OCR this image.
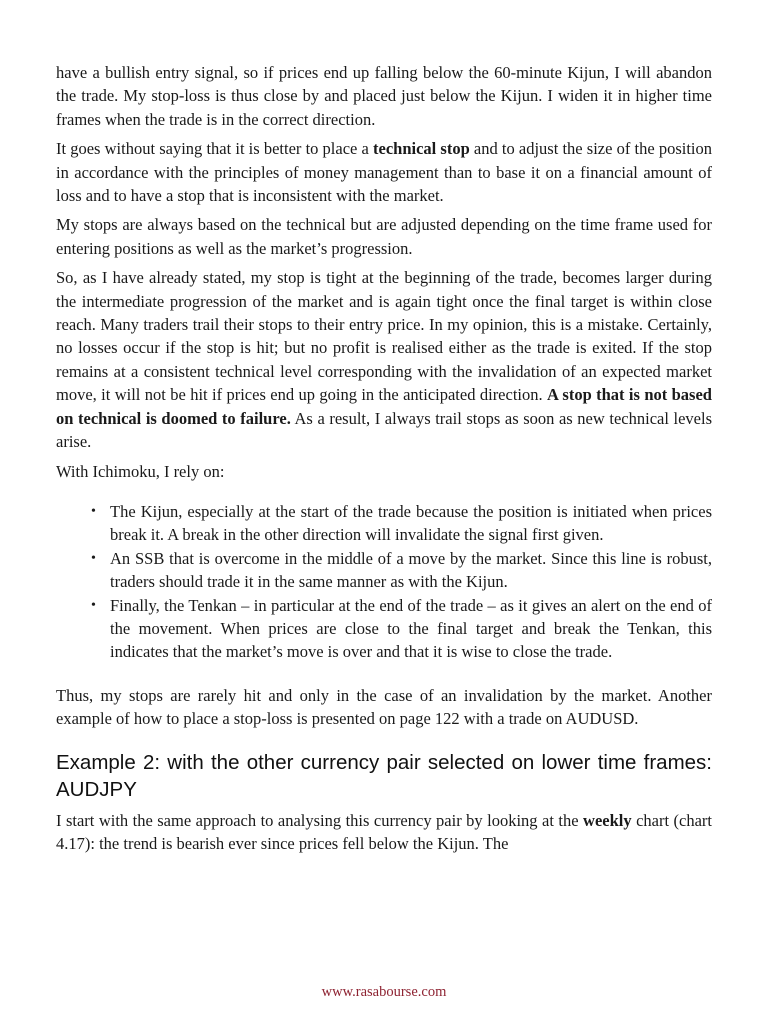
have a bullish entry signal, so if prices end up falling below the 60-minute Kijun, I will abandon the trade. My stop-loss is thus close by and placed just below the Kijun. I widen it in higher time frames when the trade is in the correct direction.

It goes without saying that it is better to place a technical stop and to adjust the size of the position in accordance with the principles of money management than to base it on a financial amount of loss and to have a stop that is inconsistent with the market.

My stops are always based on the technical but are adjusted depending on the time frame used for entering positions as well as the market’s progression.

So, as I have already stated, my stop is tight at the beginning of the trade, becomes larger during the intermediate progression of the market and is again tight once the final target is within close reach. Many traders trail their stops to their entry price. In my opinion, this is a mistake. Certainly, no losses occur if the stop is hit; but no profit is realised either as the trade is exited. If the stop remains at a consistent technical level corresponding with the invalidation of an expected market move, it will not be hit if prices end up going in the anticipated direction. A stop that is not based on technical is doomed to failure. As a result, I always trail stops as soon as new technical levels arise.

With Ichimoku, I rely on:

• The Kijun, especially at the start of the trade because the position is initiated when prices break it. A break in the other direction will invalidate the signal first given.
• An SSB that is overcome in the middle of a move by the market. Since this line is robust, traders should trade it in the same manner as with the Kijun.
• Finally, the Tenkan – in particular at the end of the trade – as it gives an alert on the end of the movement. When prices are close to the final target and break the Tenkan, this indicates that the market’s move is over and that it is wise to close the trade.

Thus, my stops are rarely hit and only in the case of an invalidation by the market. Another example of how to place a stop-loss is presented on page 122 with a trade on AUDUSD.

Example 2: with the other currency pair selected on lower time frames: AUDJPY

I start with the same approach to analysing this currency pair by looking at the weekly chart (chart 4.17): the trend is bearish ever since prices fell below the Kijun. The

www.rasabourse.com
